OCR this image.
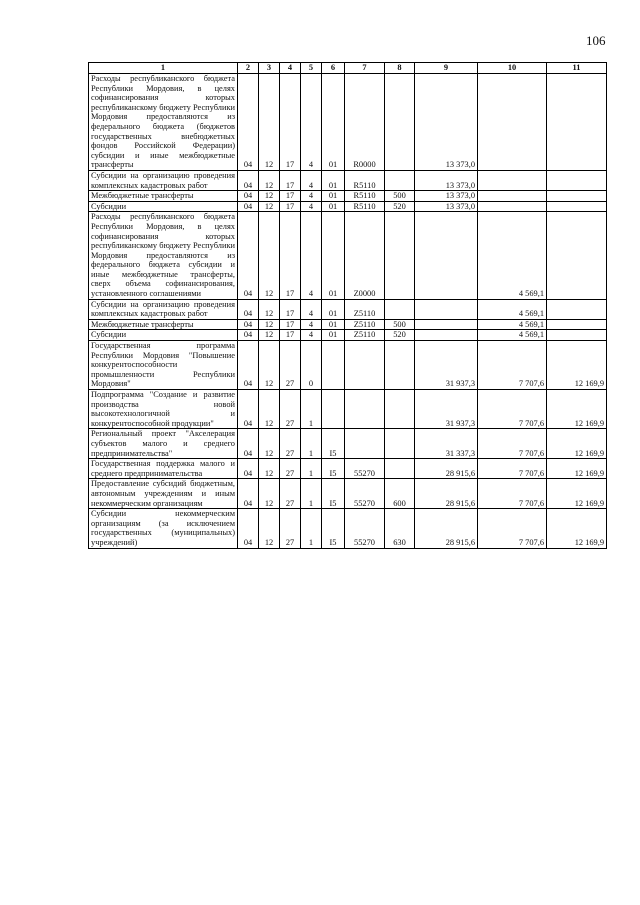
106
1	2	3	4	5	6	7	8	9	10	11
Расходы республиканского бюджета Республики Мордовия, в целях софинансирования которых республиканскому бюджету Республики Мордовия предоставляются из федерального бюджета (бюджетов государственных внебюджетных фондов Российской Федерации) субсидии и иные межбюджетные трансферты	04	12	17	4	01	R0000		13 373,0		
Субсидии на организацию проведения комплексных кадастровых работ	04	12	17	4	01	R5110		13 373,0		
Межбюджетные трансферты	04	12	17	4	01	R5110	500	13 373,0		
Субсидии	04	12	17	4	01	R5110	520	13 373,0		
Расходы республиканского бюджета Республики Мордовия, в целях софинансирования которых республиканскому бюджету Республики Мордовия предоставляются из федерального бюджета субсидии и иные межбюджетные трансферты, сверх объема софинансирования, установленного соглашениями	04	12	17	4	01	Z0000			4 569,1	
Субсидии на организацию проведения комплексных кадастровых работ	04	12	17	4	01	Z5110			4 569,1	
Межбюджетные трансферты	04	12	17	4	01	Z5110	500		4 569,1	
Субсидии	04	12	17	4	01	Z5110	520		4 569,1	
Государственная программа Республики Мордовия "Повышение конкурентоспособности промышленности Республики Мордовия"	04	12	27	0				31 937,3	7 707,6	12 169,9
Подпрограмма "Создание и развитие производства новой высокотехнологичной и конкурентоспособной продукции"	04	12	27	1				31 937,3	7 707,6	12 169,9
Региональный проект "Акселерация субъектов малого и среднего предпринимательства"	04	12	27	1	I5			31 337,3	7 707,6	12 169,9
Государственная поддержка малого и среднего предпринимательства	04	12	27	1	I5	55270		28 915,6	7 707,6	12 169,9
Предоставление субсидий бюджетным, автономным учреждениям и иным некоммерческим организациям	04	12	27	1	I5	55270	600	28 915,6	7 707,6	12 169,9
Субсидии некоммерческим организациям (за исключением государственных (муниципальных) учреждений)	04	12	27	1	I5	55270	630	28 915,6	7 707,6	12 169,9
